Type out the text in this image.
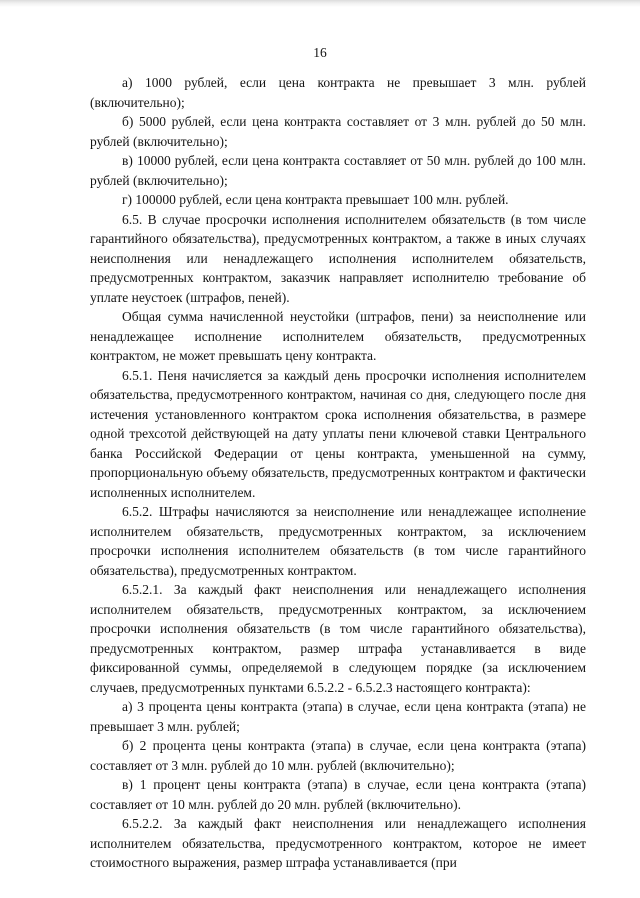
16

а) 1000 рублей, если цена контракта не превышает 3 млн. рублей (включительно);

б) 5000 рублей, если цена контракта составляет от 3 млн. рублей до 50 млн. рублей (включительно);

в) 10000 рублей, если цена контракта составляет от 50 млн. рублей до 100 млн. рублей (включительно);

г) 100000 рублей, если цена контракта превышает 100 млн. рублей.

6.5. В случае просрочки исполнения исполнителем обязательств (в том числе гарантийного обязательства), предусмотренных контрактом, а также в иных случаях неисполнения или ненадлежащего исполнения исполнителем обязательств, предусмотренных контрактом, заказчик направляет исполнителю требование об уплате неустоек (штрафов, пеней).

Общая сумма начисленной неустойки (штрафов, пени) за неисполнение или ненадлежащее исполнение исполнителем обязательств, предусмотренных контрактом, не может превышать цену контракта.

6.5.1. Пеня начисляется за каждый день просрочки исполнения исполнителем обязательства, предусмотренного контрактом, начиная со дня, следующего после дня истечения установленного контрактом срока исполнения обязательства, в размере одной трехсотой действующей на дату уплаты пени ключевой ставки Центрального банка Российской Федерации от цены контракта, уменьшенной на сумму, пропорциональную объему обязательств, предусмотренных контрактом и фактически исполненных исполнителем.

6.5.2. Штрафы начисляются за неисполнение или ненадлежащее исполнение исполнителем обязательств, предусмотренных контрактом, за исключением просрочки исполнения исполнителем обязательств (в том числе гарантийного обязательства), предусмотренных контрактом.

6.5.2.1. За каждый факт неисполнения или ненадлежащего исполнения исполнителем обязательств, предусмотренных контрактом, за исключением просрочки исполнения обязательств (в том числе гарантийного обязательства), предусмотренных контрактом, размер штрафа устанавливается в виде фиксированной суммы, определяемой в следующем порядке (за исключением случаев, предусмотренных пунктами 6.5.2.2 - 6.5.2.3 настоящего контракта):

а) 3 процента цены контракта (этапа) в случае, если цена контракта (этапа) не превышает 3 млн. рублей;

б) 2 процента цены контракта (этапа) в случае, если цена контракта (этапа) составляет от 3 млн. рублей до 10 млн. рублей (включительно);

в) 1 процент цены контракта (этапа) в случае, если цена контракта (этапа) составляет от 10 млн. рублей до 20 млн. рублей (включительно).

6.5.2.2. За каждый факт неисполнения или ненадлежащего исполнения исполнителем обязательства, предусмотренного контрактом, которое не имеет стоимостного выражения, размер штрафа устанавливается (при
